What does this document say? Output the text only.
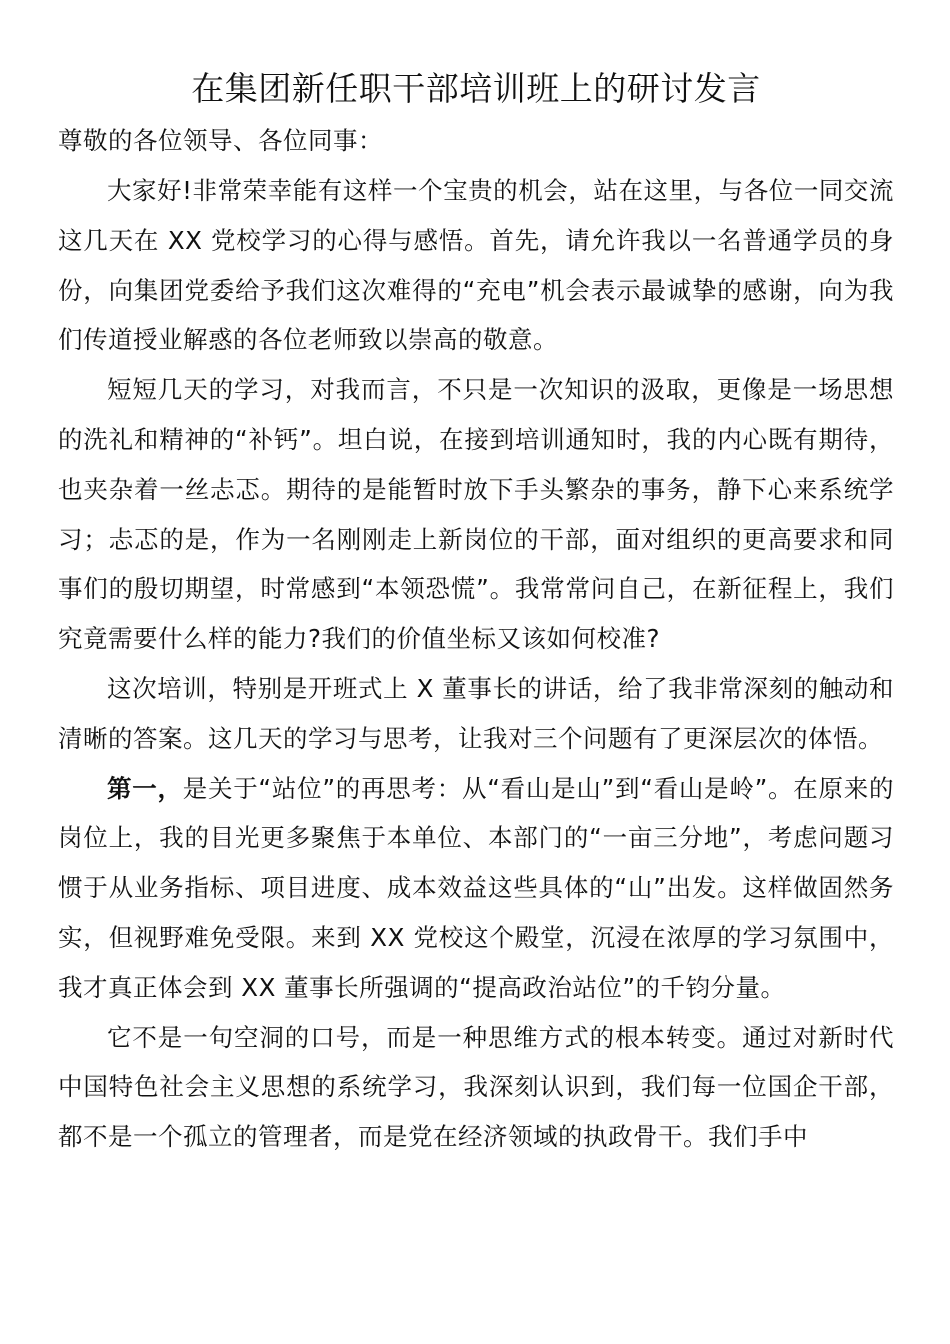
在集团新任职干部培训班上的研讨发言

尊敬的各位领导、各位同事：

大家好!非常荣幸能有这样一个宝贵的机会，站在这里，与各位一同交流这几天在 XX 党校学习的心得与感悟。首先，请允许我以一名普通学员的身份，向集团党委给予我们这次难得的“充电”机会表示最诚挚的感谢，向为我们传道授业解惑的各位老师致以崇高的敬意。

短短几天的学习，对我而言，不只是一次知识的汲取，更像是一场思想的洗礼和精神的“补钙”。坦白说，在接到培训通知时，我的内心既有期待，也夹杂着一丝忐忑。期待的是能暂时放下手头繁杂的事务，静下心来系统学习；忐忑的是，作为一名刚刚走上新岗位的干部，面对组织的更高要求和同事们的殷切期望，时常感到“本领恐慌”。我常常问自己，在新征程上，我们究竟需要什么样的能力?我们的价值坐标又该如何校准?

这次培训，特别是开班式上 X 董事长的讲话，给了我非常深刻的触动和清晰的答案。这几天的学习与思考，让我对三个问题有了更深层次的体悟。

第一，是关于“站位”的再思考：从“看山是山”到“看山是岭”。在原来的岗位上，我的目光更多聚焦于本单位、本部门的“一亩三分地”，考虑问题习惯于从业务指标、项目进度、成本效益这些具体的“山”出发。这样做固然务实，但视野难免受限。来到 XX 党校这个殿堂，沉浸在浓厚的学习氛围中，我才真正体会到 XX 董事长所强调的“提高政治站位”的千钧分量。

它不是一句空洞的口号，而是一种思维方式的根本转变。通过对新时代中国特色社会主义思想的系统学习，我深刻认识到，我们每一位国企干部，都不是一个孤立的管理者，而是党在经济领域的执政骨干。我们手中
